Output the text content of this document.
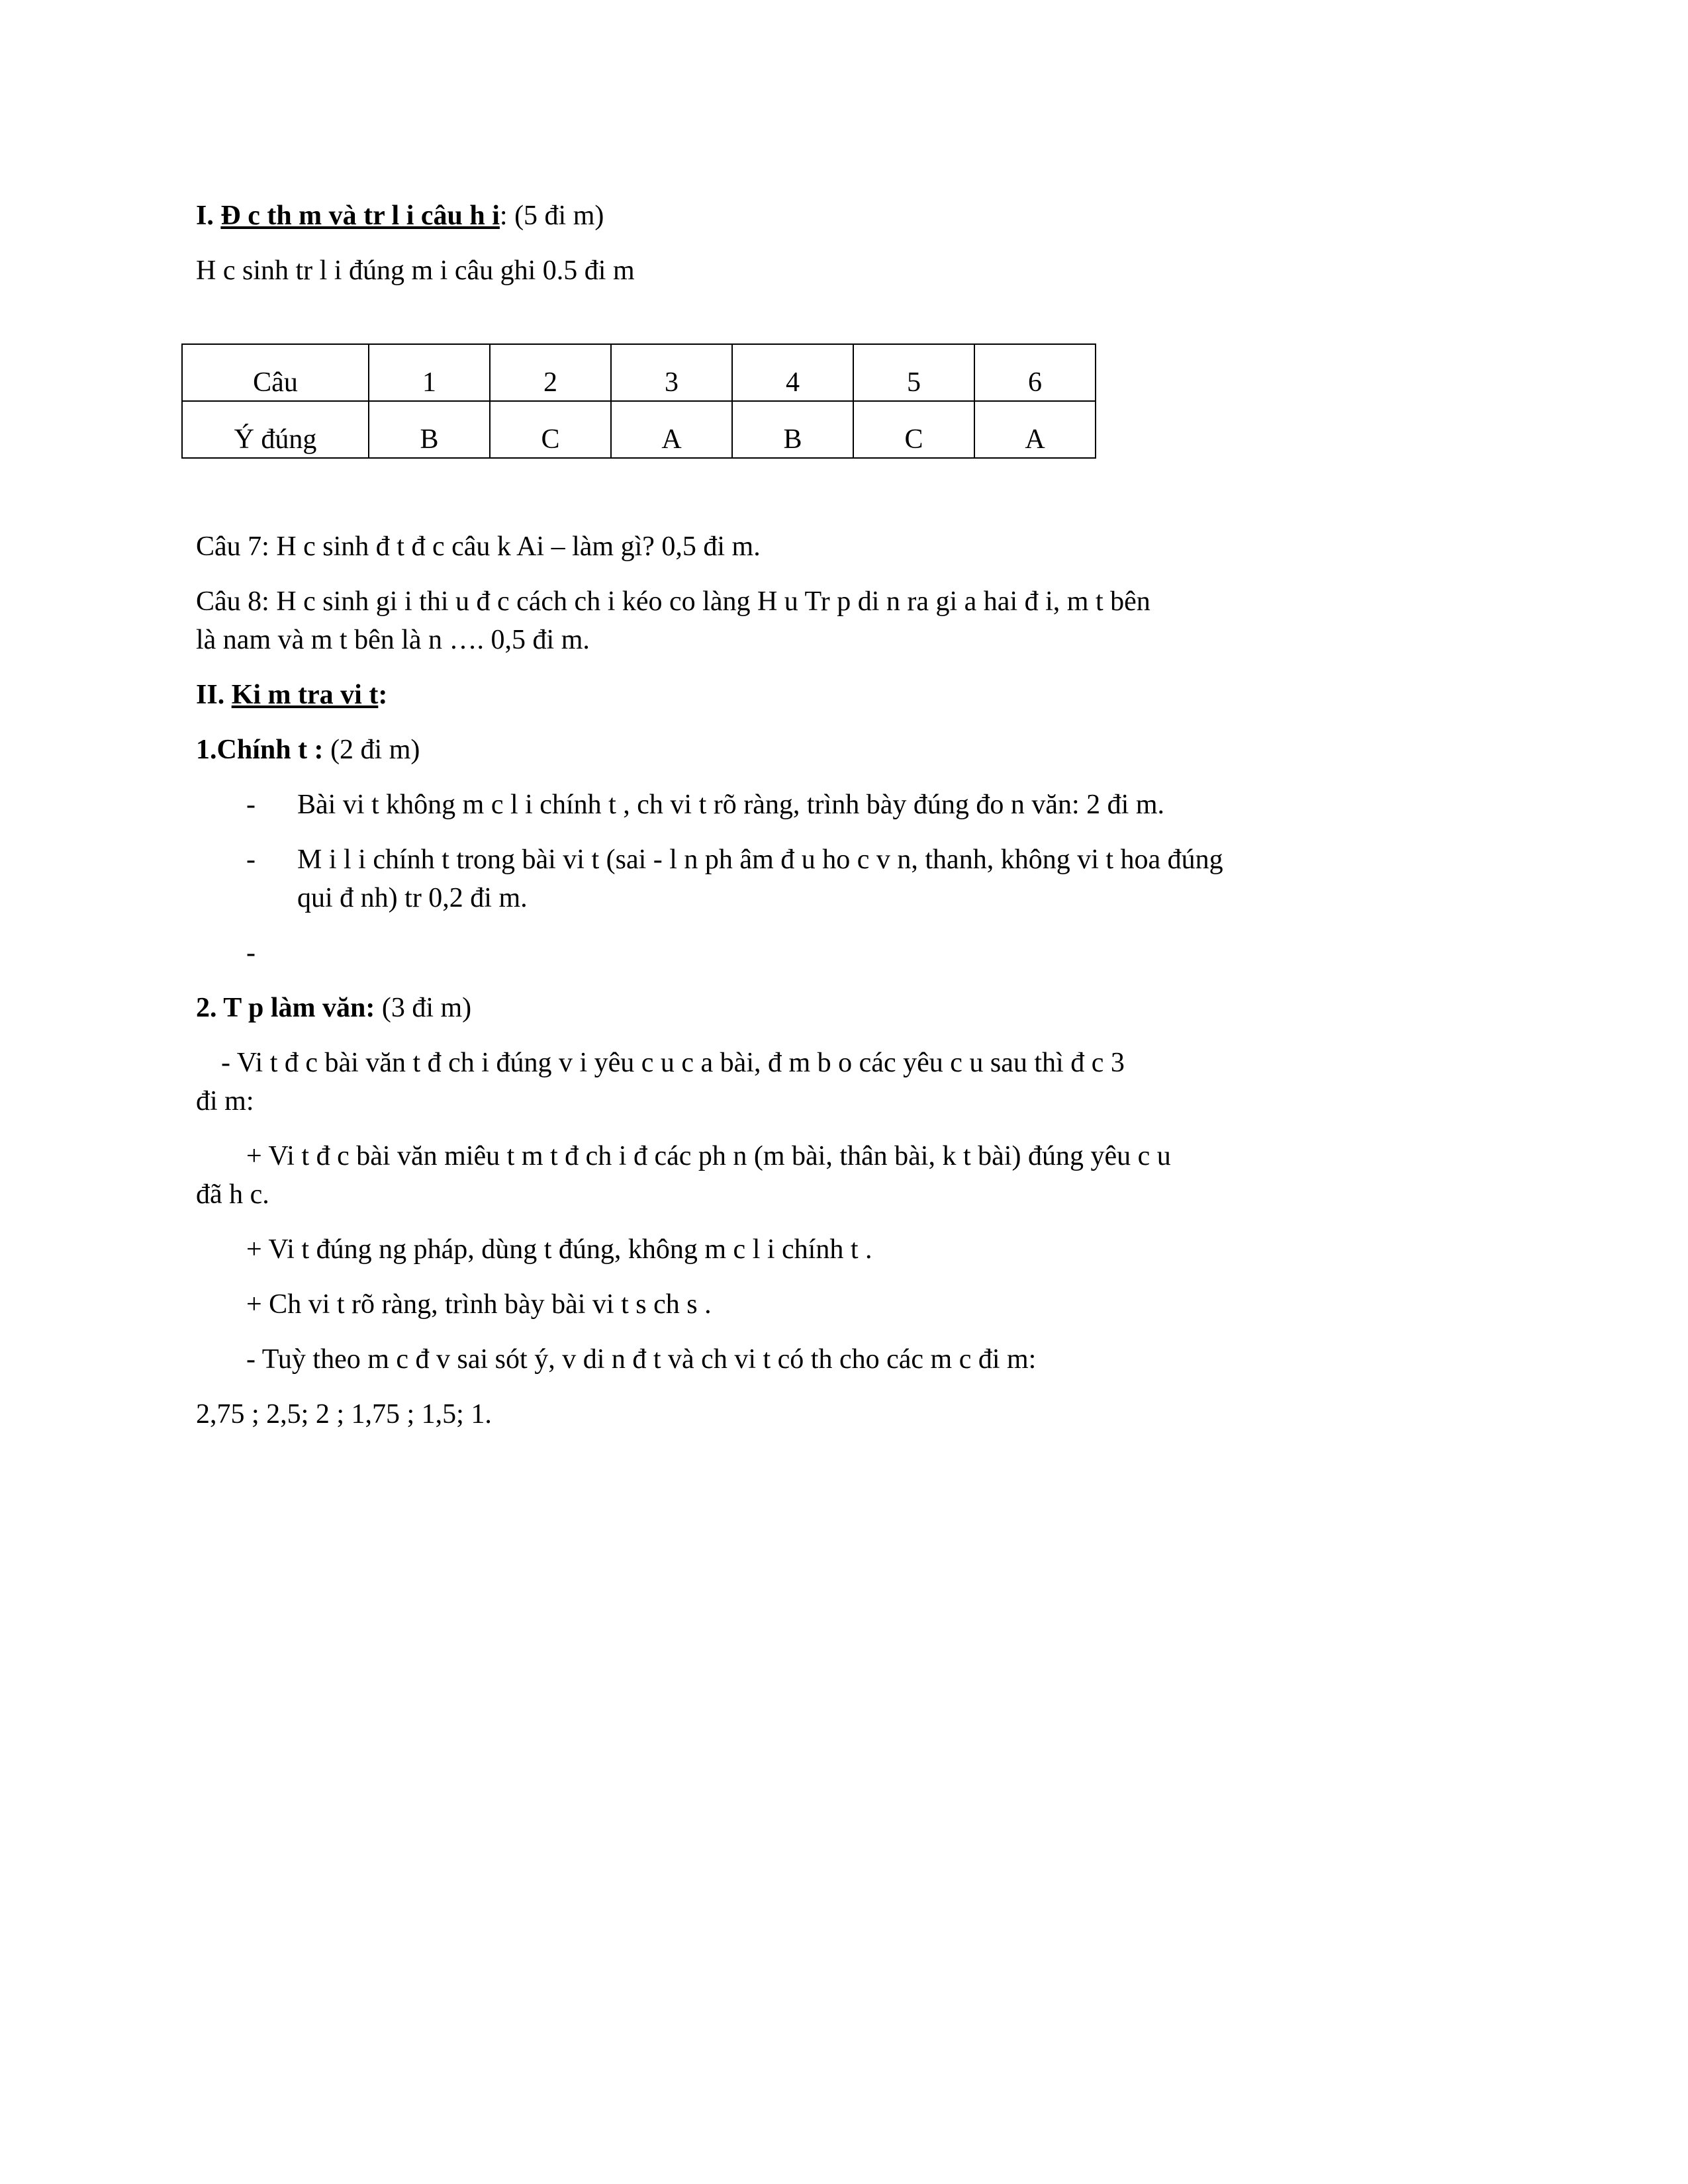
I. Đ c th m và tr l i câu h i: (5 đi m)
H c sinh tr l i đúng m i câu ghi 0.5 đi m
Câu	1	2	3	4	5	6
Ý đúng	B	C	A	B	C	A
Câu 7: H c sinh đ t đ c câu k Ai – làm gì? 0,5 đi m.
Câu 8: H c sinh gi i thi u đ c cách ch i kéo co làng H u Tr p di n ra gi a hai đ i, m t bên
là nam và m t bên là n …. 0,5 đi m.
II. Ki m tra vi t:
1.Chính t : (2 đi m)
- Bài vi t không m c l i chính t , ch vi t rõ ràng, trình bày đúng đo n văn: 2 đi m.
- M i l i chính t trong bài vi t (sai - l n ph âm đ u ho c v n, thanh, không vi t hoa đúng
qui đ nh) tr 0,2 đi m.
-
2. T p làm văn: (3 đi m)
- Vi t đ c bài văn t đ ch i đúng v i yêu c u c a bài, đ m b o các yêu c u sau thì đ c 3
đi m:
+ Vi t đ c bài văn miêu t m t đ ch i đ các ph n (m bài, thân bài, k t bài) đúng yêu c u
đã h c.
+ Vi t đúng ng pháp, dùng t đúng, không m c l i chính t .
+ Ch vi t rõ ràng, trình bày bài vi t s ch s .
- Tuỳ theo m c đ v sai sót ý, v di n đ t và ch vi t có th cho các m c đi m:
2,75 ; 2,5; 2 ; 1,75 ; 1,5; 1.
